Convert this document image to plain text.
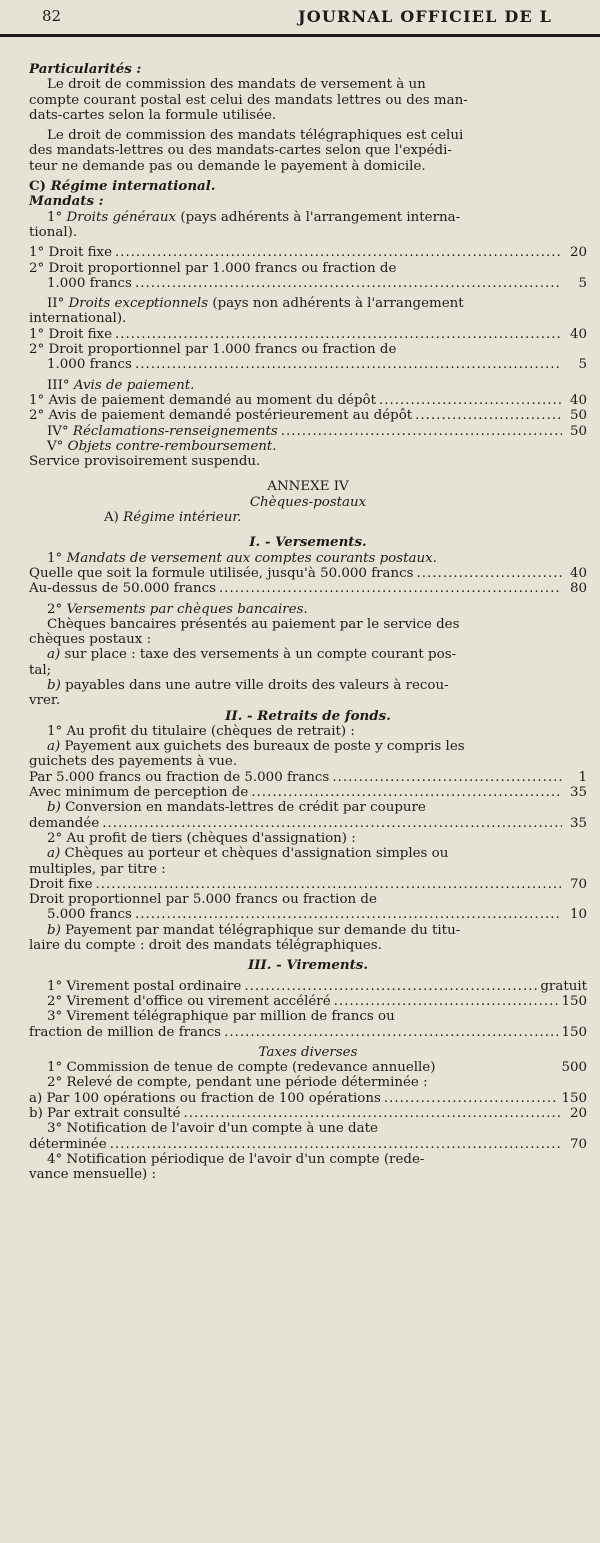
82	JOURNAL OFFICIEL DE L
Particularités :
Le droit de commission des mandats de versement à un
compte courant postal est celui des mandats lettres ou des man-
dats-cartes selon la formule utilisée.
Le droit de commission des mandats télégraphiques est celui
des mandats-lettres ou des mandats-cartes selon que l'expédi-
teur ne demande pas ou demande le payement à domicile.
C) Régime international.
Mandats :
1° Droits généraux (pays adhérents à l'arrangement interna-
tional).
1° Droit fixe .....	20
2° Droit proportionnel par 1.000 francs ou fraction de
1.000 francs .....	5
II° Droits exceptionnels (pays non adhérents à l'arrangement
international).
1° Droit fixe .....	40
2° Droit proportionnel par 1.000 francs ou fraction de
1.000 francs .....	5
III° Avis de paiement.
1° Avis de paiement demandé au moment du dépôt .....	40
2° Avis de paiement demandé postérieurement au dépôt .....	50
IV° Réclamations-renseignements .....	50
V° Objets contre-remboursement.
Service provisoirement suspendu.
ANNEXE IV
Chèques-postaux
A) Régime intérieur.
I. - Versements.
1° Mandats de versement aux comptes courants postaux.
Quelle que soit la formule utilisée, jusqu'à 50.000 francs .....	40
Au-dessus de 50.000 francs .....	80
2° Versements par chèques bancaires.
Chèques bancaires présentés au paiement par le service des
chèques postaux :
a) sur place : taxe des versements à un compte courant pos-
tal;
b) payables dans une autre ville droits des valeurs à recou-
vrer.
II. - Retraits de fonds.
1° Au profit du titulaire (chèques de retrait) :
a) Payement aux guichets des bureaux de poste y compris les
guichets des payements à vue.
Par 5.000 francs ou fraction de 5.000 francs .....	1
Avec minimum de perception de .....	35
b) Conversion en mandats-lettres de crédit par coupure
demandée .....	35
2° Au profit de tiers (chèques d'assignation) :
a) Chèques au porteur et chèques d'assignation simples ou
multiples, par titre :
Droit fixe .....	70
Droit proportionnel par 5.000 francs ou fraction de
5.000 francs .....	10
b) Payement par mandat télégraphique sur demande du titu-
laire du compte : droit des mandats télégraphiques.
III. - Virements.
1° Virement postal ordinaire .....	gratuit
2° Virement d'office ou virement accéléré .....	150
3° Virement télégraphique par million de francs ou
fraction de million de francs .....	150
Taxes diverses
1° Commission de tenue de compte (redevance annuelle)	500
2° Relevé de compte, pendant une période déterminée :
a) Par 100 opérations ou fraction de 100 opérations .....	150
b) Par extrait consulté .....	20
3° Notification de l'avoir d'un compte à une date
déterminée .....	70
4° Notification périodique de l'avoir d'un compte (rede-
vance mensuelle) :
